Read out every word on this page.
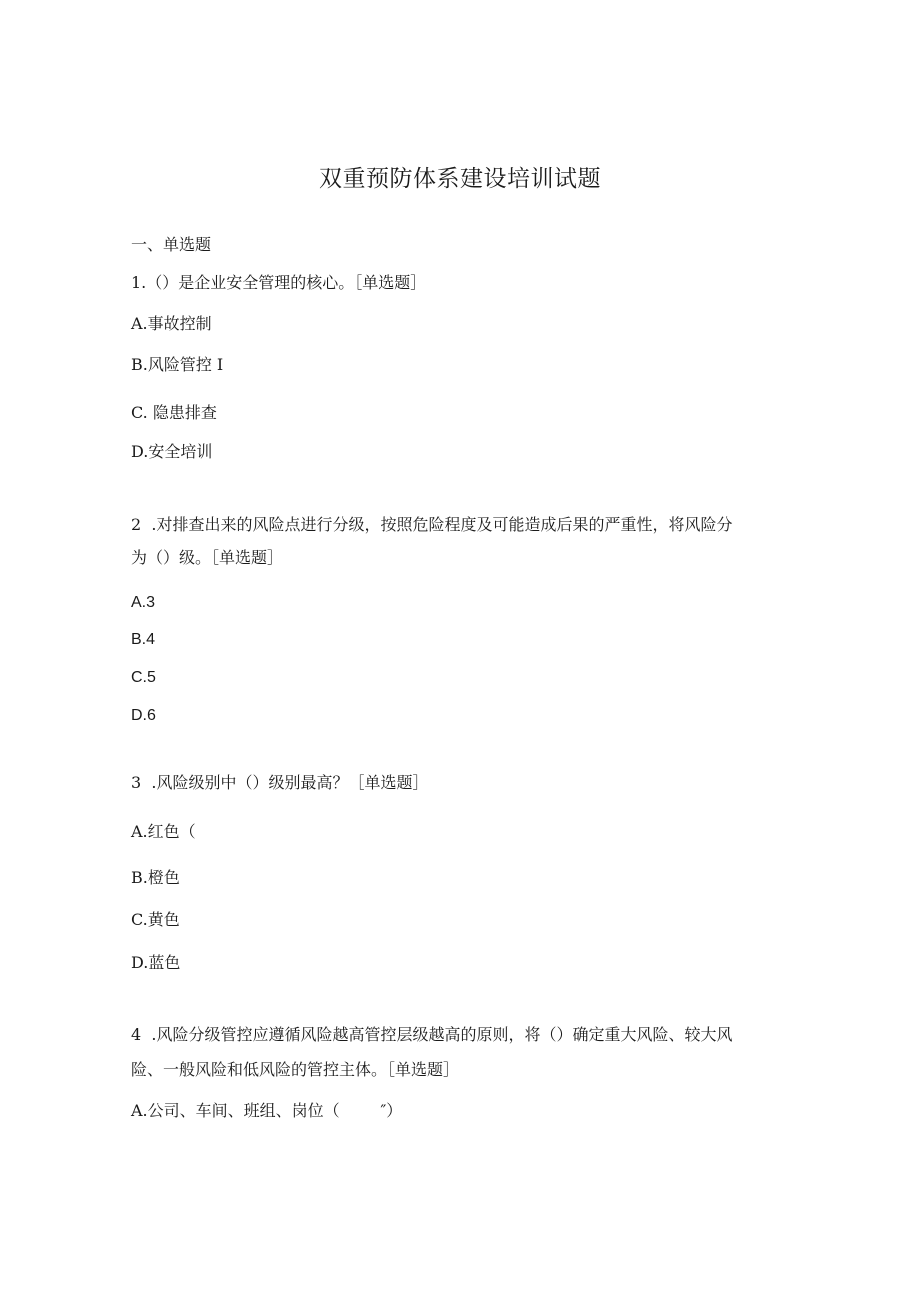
双重预防体系建设培训试题
一、单选题
1.（）是企业安全管理的核心。［单选题］
A.事故控制
B.风险管控 I
C. 隐患排查
D.安全培训
2  .对排查出来的风险点进行分级，按照危险程度及可能造成后果的严重性，将风险分
为（）级。［单选题］
A.3
B.4
C.5
D.6
3  .风险级别中（）级别最高？［单选题］
A.红色（
B.橙色
C.黄色
D.蓝色
4  .风险分级管控应遵循风险越高管控层级越高的原则，将（）确定重大风险、较大风
险、一般风险和低风险的管控主体。［单选题］
A.公司、车间、班组、岗位（        ″）
